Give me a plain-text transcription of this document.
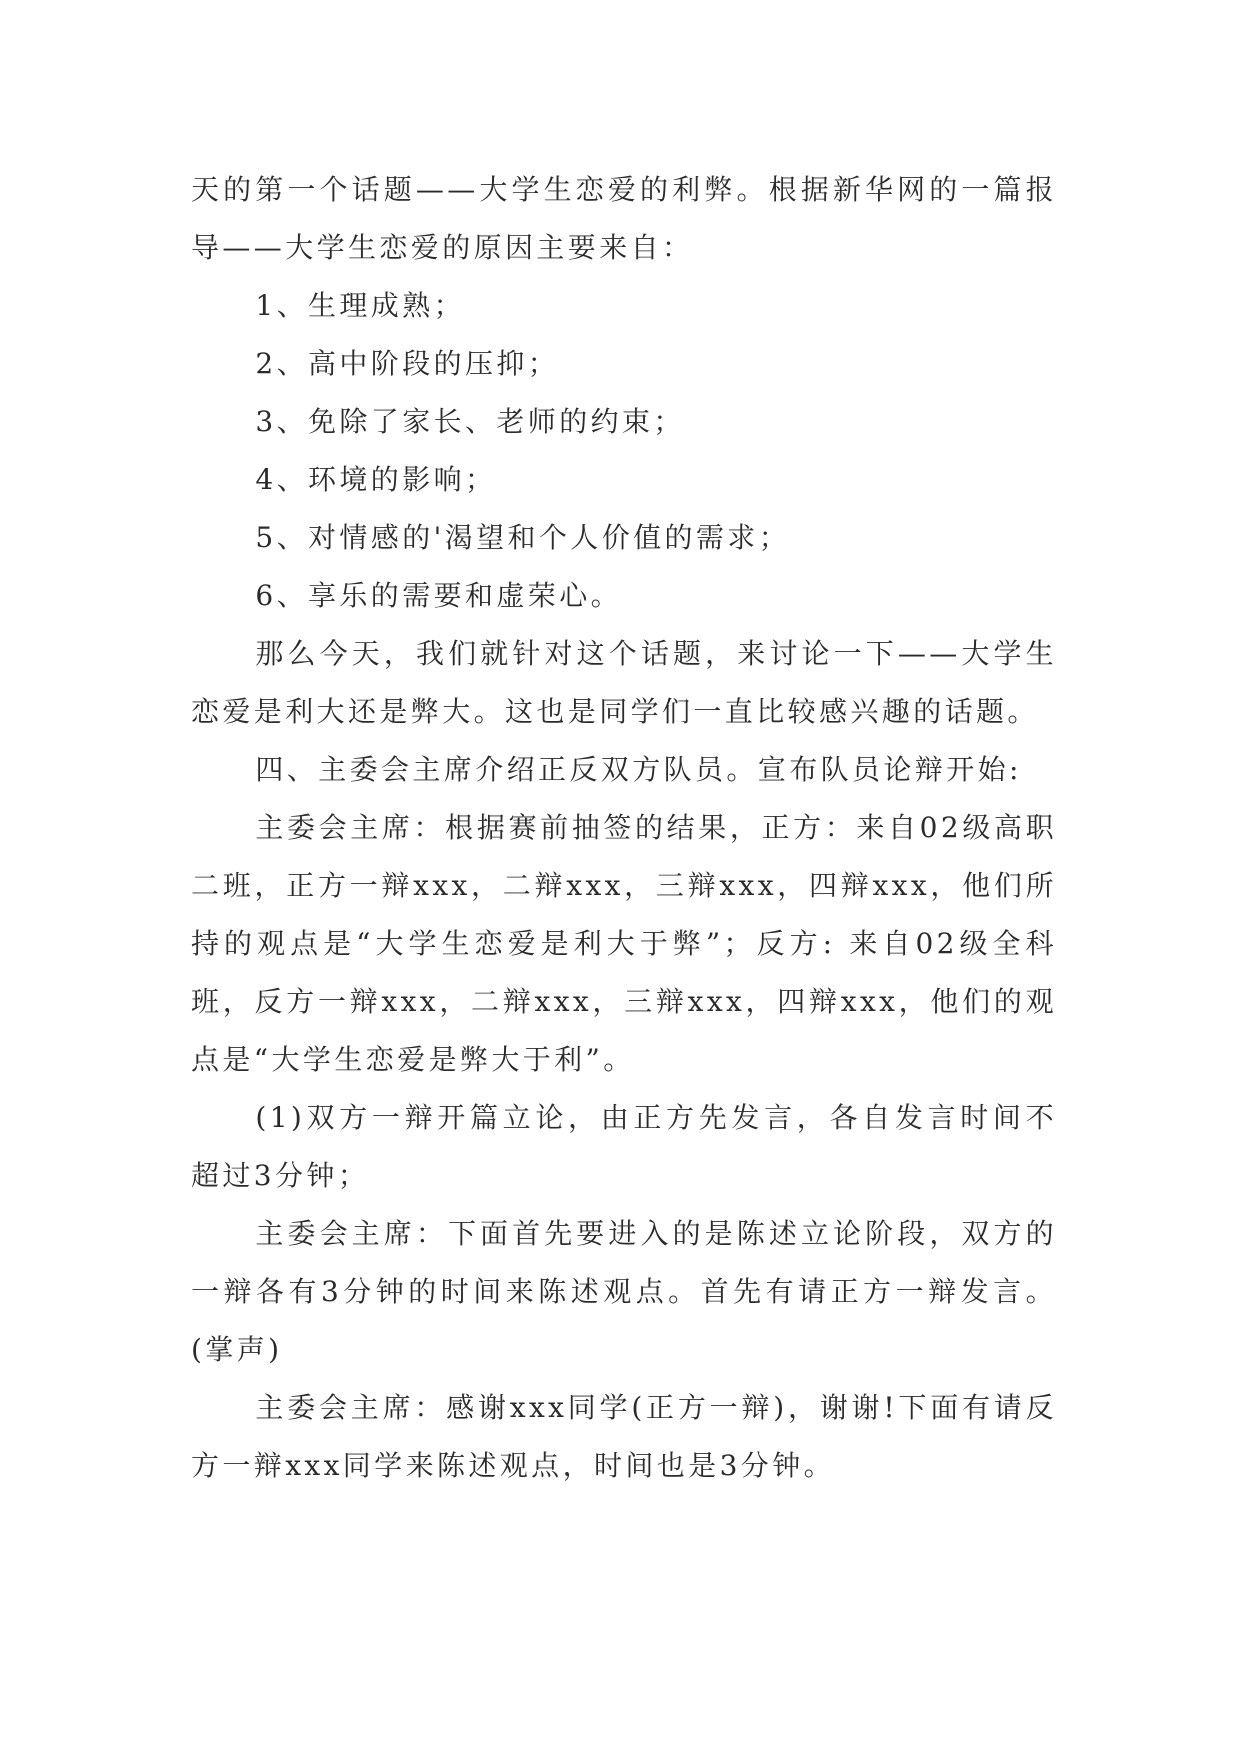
天的第一个话题——大学生恋爱的利弊。根据新华网的一篇报导——大学生恋爱的原因主要来自：

1、生理成熟；

2、高中阶段的压抑；

3、免除了家长、老师的约束；

4、环境的影响；

5、对情感的'渴望和个人价值的需求；

6、享乐的需要和虚荣心。

那么今天，我们就针对这个话题，来讨论一下——大学生恋爱是利大还是弊大。这也是同学们一直比较感兴趣的话题。

四、主委会主席介绍正反双方队员。宣布队员论辩开始:

主委会主席：根据赛前抽签的结果，正方：来自02级高职二班，正方一辩xxx，二辩xxx，三辩xxx，四辩xxx，他们所持的观点是“大学生恋爱是利大于弊”；反方: 来自02级全科班，反方一辩xxx，二辩xxx，三辩xxx，四辩xxx，他们的观点是“大学生恋爱是弊大于利”。

(1)双方一辩开篇立论，由正方先发言，各自发言时间不超过3分钟；

主委会主席：下面首先要进入的是陈述立论阶段，双方的一辩各有3分钟的时间来陈述观点。首先有请正方一辩发言。(掌声)

主委会主席：感谢xxx同学(正方一辩)，谢谢!下面有请反方一辩xxx同学来陈述观点，时间也是3分钟。
